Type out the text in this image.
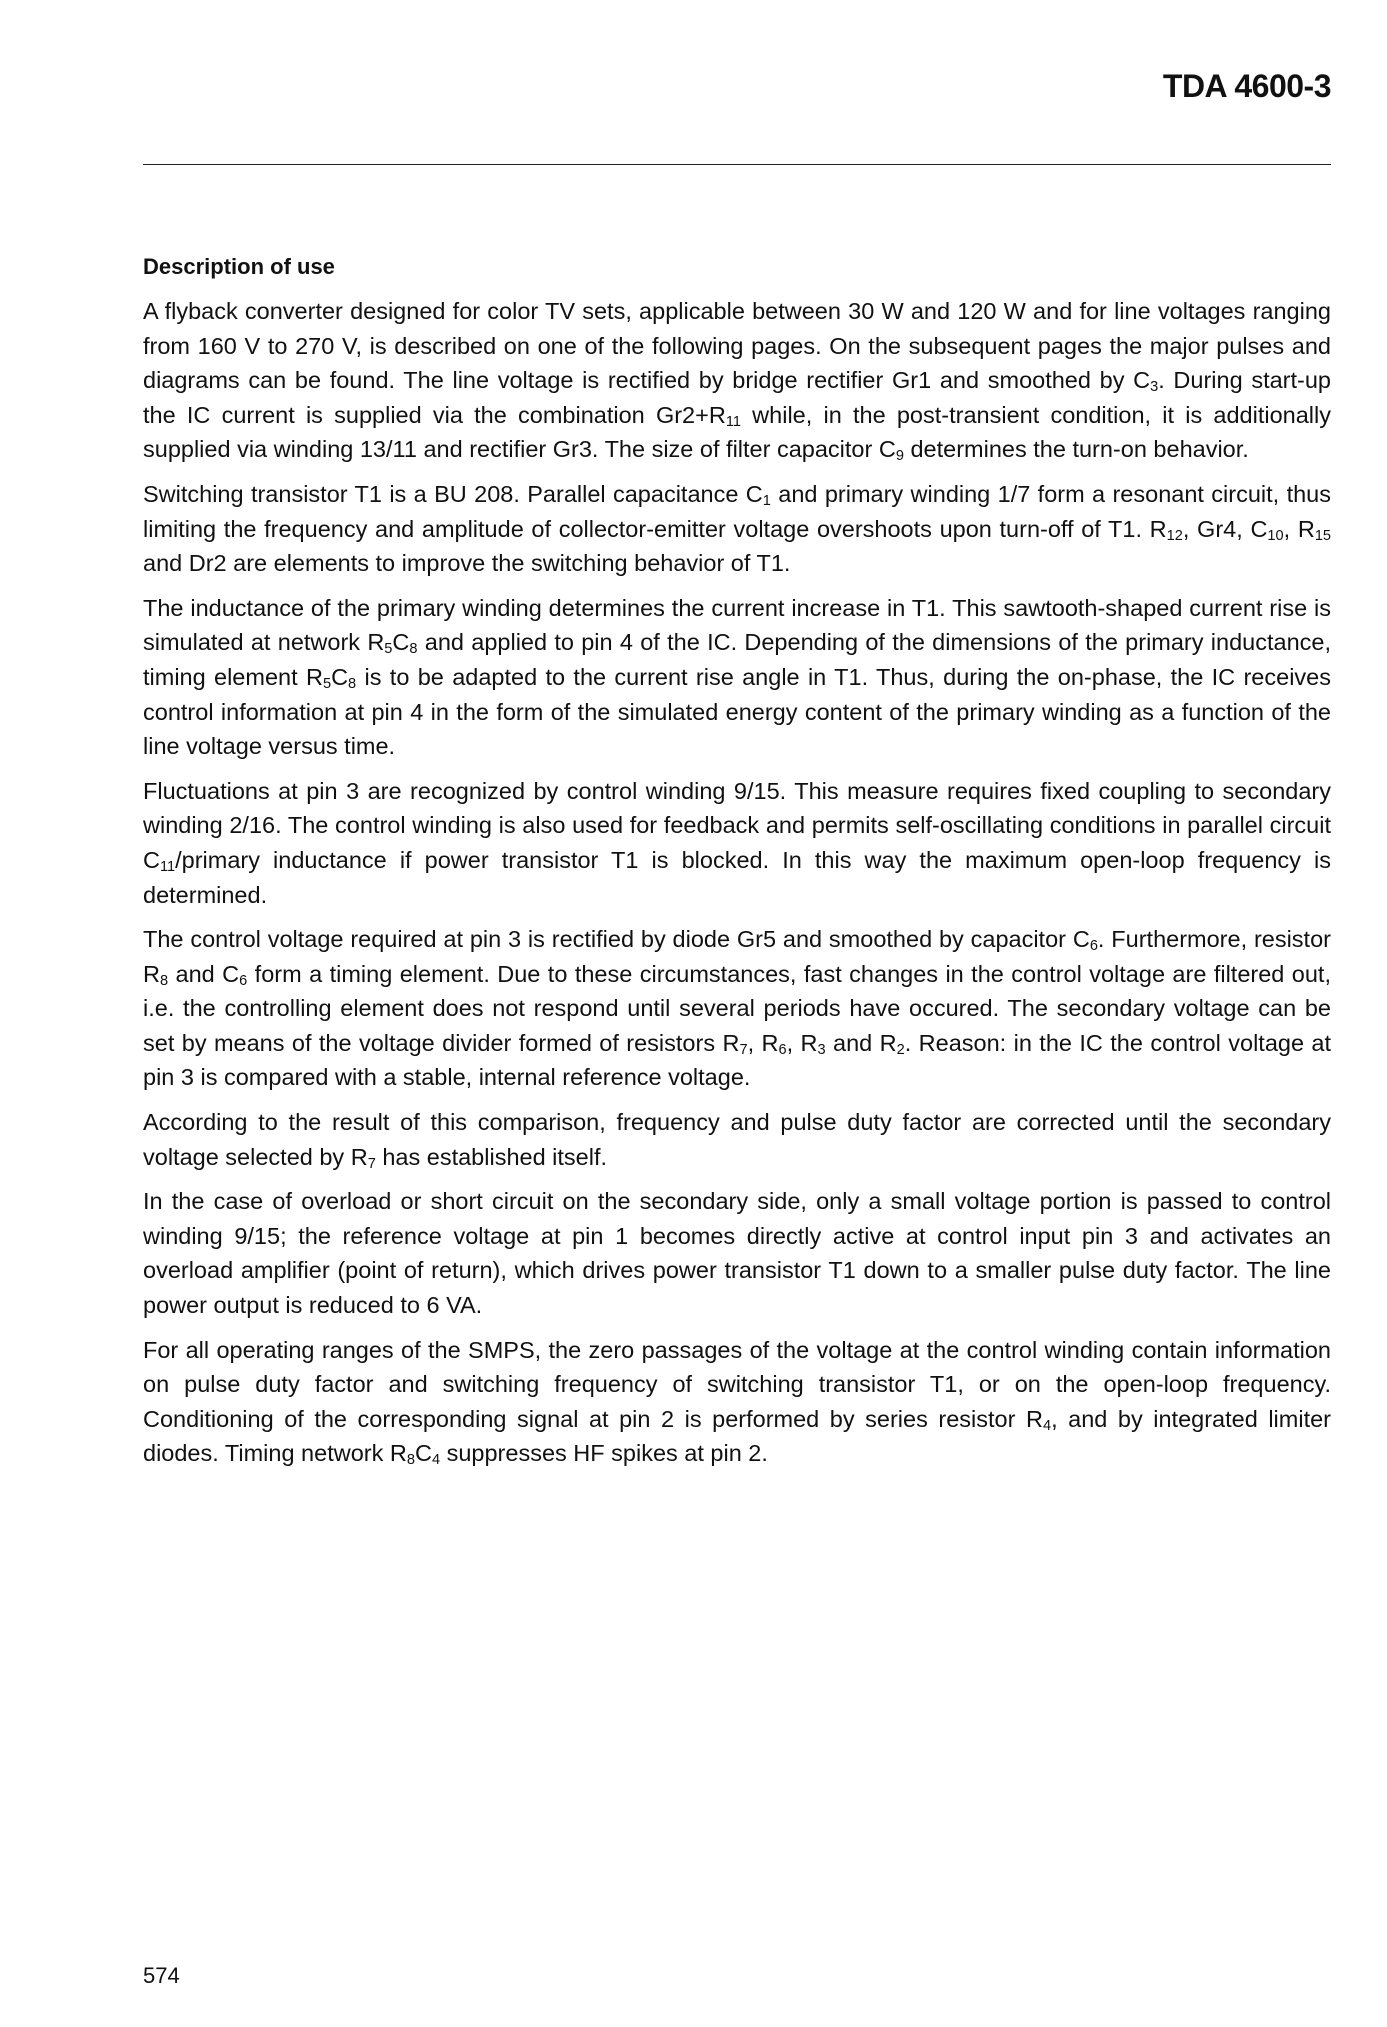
TDA 4600-3
Description of use

A flyback converter designed for color TV sets, applicable between 30 W and 120 W and for line voltages ranging from 160 V to 270 V, is described on one of the following pages. On the subsequent pages the major pulses and diagrams can be found. The line voltage is rectified by bridge rectifier Gr1 and smoothed by $C_3$. During start-up the IC current is supplied via the combination $Gr2+R_{11}$ while, in the post-transient condition, it is additionally supplied via winding 13/11 and rectifier Gr3. The size of filter capacitor $C_9$ determines the turn-on behavior.

Switching transistor T1 is a BU 208. Parallel capacitance $C_1$ and primary winding 1/7 form a resonant circuit, thus limiting the frequency and amplitude of collector-emitter voltage overshoots upon turn-off of T1. $R_{12}$, Gr4, $C_{10}$, $R_{15}$ and Dr2 are elements to improve the switching behavior of T1.

The inductance of the primary winding determines the current increase in T1. This sawtooth-shaped current rise is simulated at network $R_5C_8$ and applied to pin 4 of the IC. Depending of the dimensions of the primary inductance, timing element $R_5C_8$ is to be adapted to the current rise angle in T1. Thus, during the on-phase, the IC receives control information at pin 4 in the form of the simulated energy content of the primary winding as a function of the line voltage versus time.

Fluctuations at pin 3 are recognized by control winding 9/15. This measure requires fixed coupling to secondary winding 2/16. The control winding is also used for feedback and permits self-oscillating conditions in parallel circuit $C_{11}$/primary inductance if power transistor T1 is blocked. In this way the maximum open-loop frequency is determined.

The control voltage required at pin 3 is rectified by diode Gr5 and smoothed by capacitor $C_6$. Furthermore, resistor $R_8$ and $C_6$ form a timing element. Due to these circumstances, fast changes in the control voltage are filtered out, i.e. the controlling element does not respond until several periods have occured. The secondary voltage can be set by means of the voltage divider formed of resistors $R_7$, $R_6$, $R_3$ and $R_2$. Reason: in the IC the control voltage at pin 3 is compared with a stable, internal reference voltage.

According to the result of this comparison, frequency and pulse duty factor are corrected until the secondary voltage selected by $R_7$ has established itself.

In the case of overload or short circuit on the secondary side, only a small voltage portion is passed to control winding 9/15; the reference voltage at pin 1 becomes directly active at control input pin 3 and activates an overload amplifier (point of return), which drives power transistor T1 down to a smaller pulse duty factor. The line power output is reduced to 6 VA.

For all operating ranges of the SMPS, the zero passages of the voltage at the control winding contain information on pulse duty factor and switching frequency of switching transistor T1, or on the open-loop frequency. Conditioning of the corresponding signal at pin 2 is performed by series resistor $R_4$, and by integrated limiter diodes. Timing network $R_8C_4$ suppresses HF spikes at pin 2.

574
